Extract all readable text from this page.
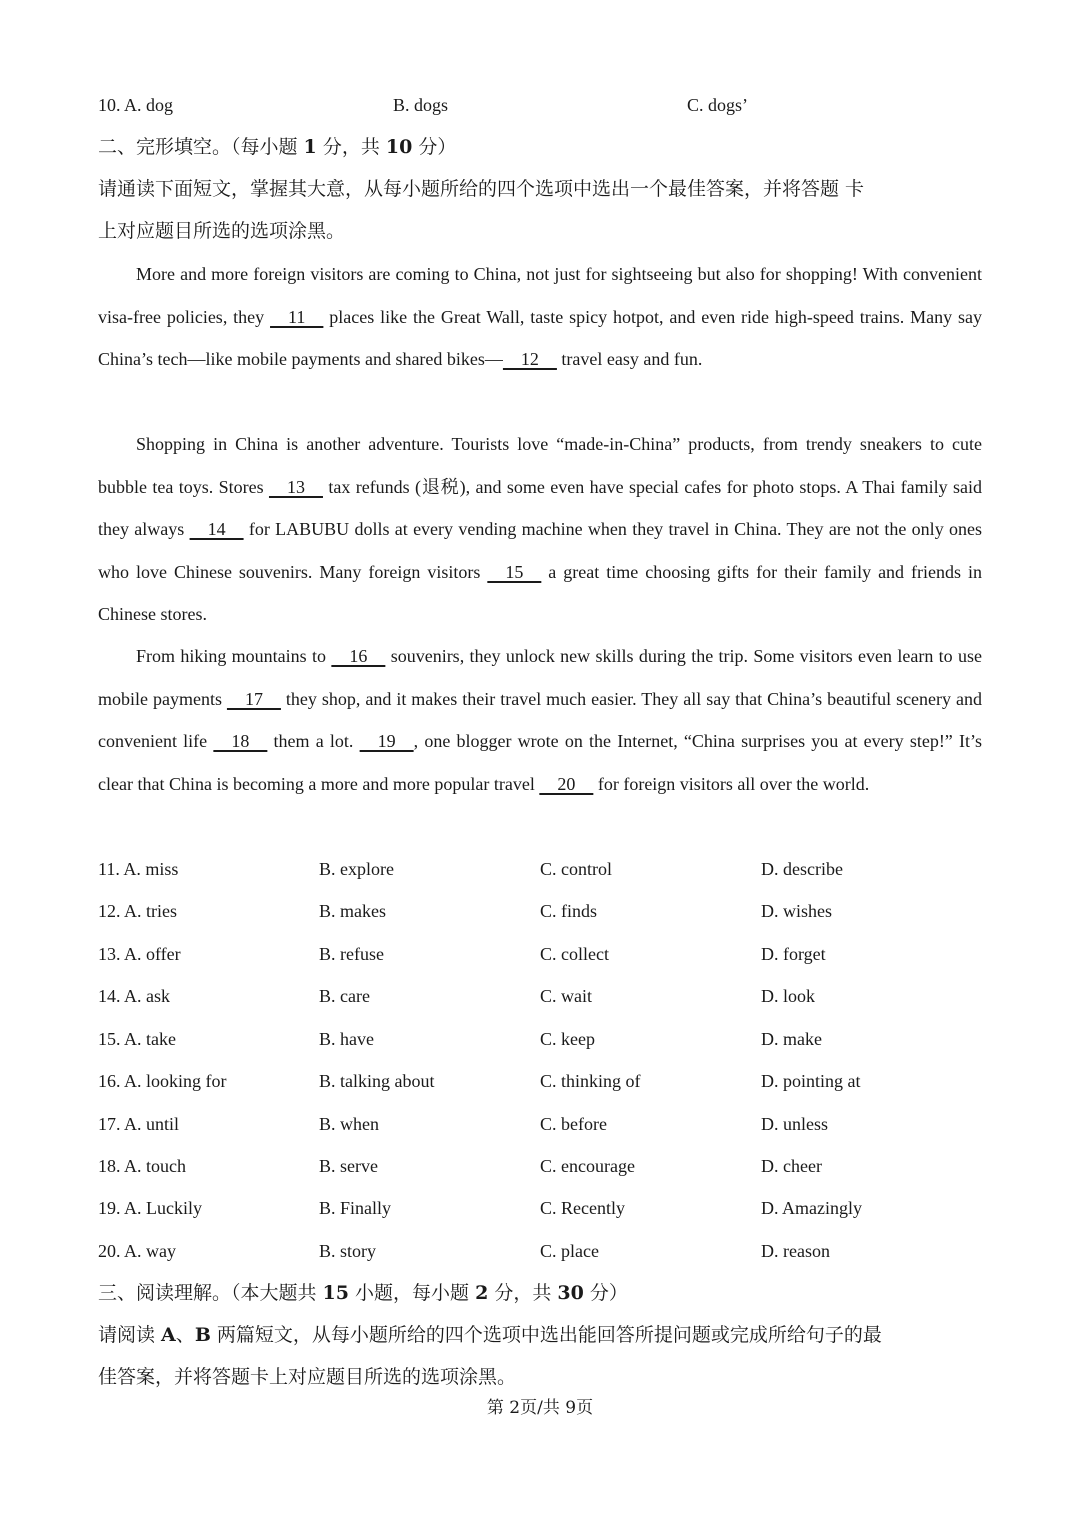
10. A. dog	B. dogs	C. dogs’
二、完形填空。（每小题 1 分，共 10 分）
请通读下面短文，掌握其大意，从每小题所给的四个选项中选出一个最佳答案，并将答题 卡
上对应题目所选的选项涂黑。
More and more foreign visitors are coming to China, not just for sightseeing but also for shopping! With convenient visa-free policies, they     11     places like the Great Wall, taste spicy hotpot, and even ride high-speed trains. Many say China’s tech—like mobile payments and shared bikes—    12     travel easy and fun.
Shopping in China is another adventure. Tourists love “made-in-China” products, from trendy sneakers to cute bubble tea toys. Stores     13     tax refunds (退税), and some even have special cafes for photo stops. A Thai family said they always     14     for LABUBU dolls at every vending machine when they travel in China. They are not the only ones who love Chinese souvenirs. Many foreign visitors     15     a great time choosing gifts for their family and friends in Chinese stores.
From hiking mountains to     16     souvenirs, they unlock new skills during the trip. Some visitors even learn to use mobile payments     17     they shop, and it makes their travel much easier. They all say that China’s beautiful scenery and convenient life     18     them a lot.     19    , one blogger wrote on the Internet, “China surprises you at every step!” It’s clear that China is becoming a more and more popular travel     20     for foreign visitors all over the world.
11. A. miss	B. explore	C. control	D. describe
12. A. tries	B. makes	C. finds	D. wishes
13. A. offer	B. refuse	C. collect	D. forget
14. A. ask	B. care	C. wait	D. look
15. A. take	B. have	C. keep	D. make
16. A. looking for	B. talking about	C. thinking of	D. pointing at
17. A. until	B. when	C. before	D. unless
18. A. touch	B. serve	C. encourage	D. cheer
19. A. Luckily	B. Finally	C. Recently	D. Amazingly
20. A. way	B. story	C. place	D. reason
三、阅读理解。（本大题共 15 小题，每小题 2 分，共 30 分）
请阅读 A、B 两篇短文，从每小题所给的四个选项中选出能回答所提问题或完成所给句子的最
佳答案，并将答题卡上对应题目所选的选项涂黑。
第 2页/共 9页
